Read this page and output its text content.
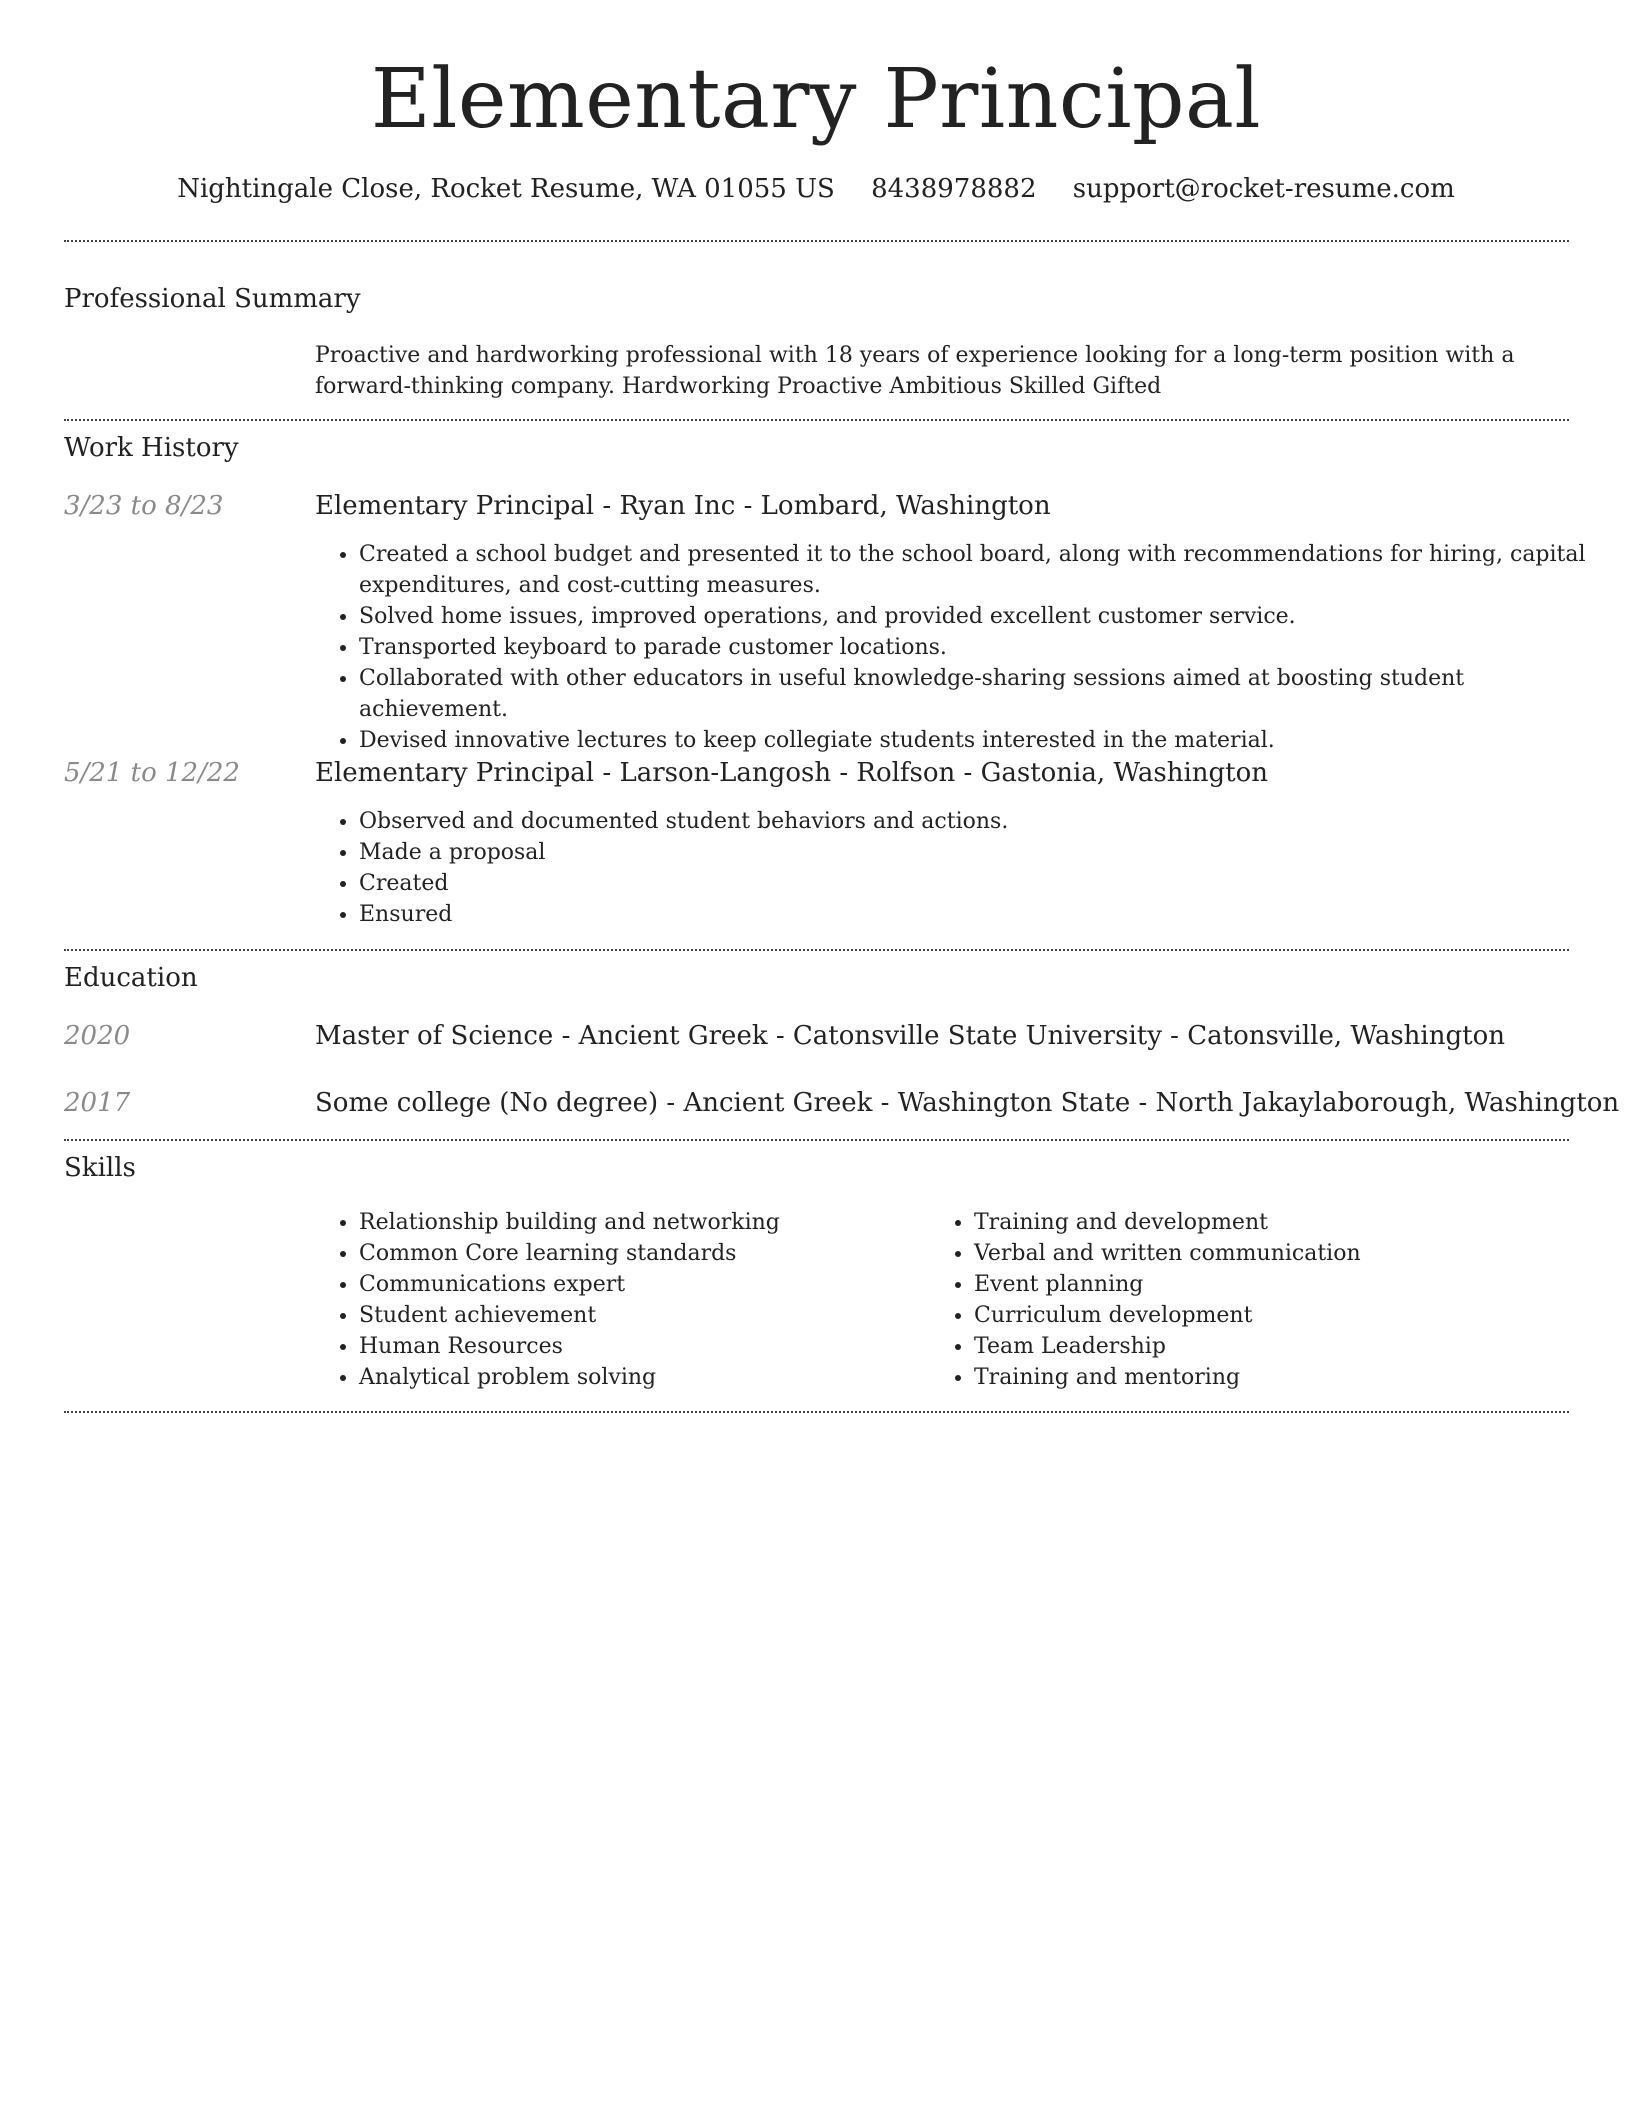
Elementary Principal
Nightingale Close, Rocket Resume, WA 01055 US 8438978882 support@rocket-resume.com
Professional Summary
Proactive and hardworking professional with 18 years of experience looking for a long-term position with a forward-thinking company. Hardworking Proactive Ambitious Skilled Gifted
Work History
3/23 to 8/23	Elementary Principal - Ryan Inc - Lombard, Washington
• Created a school budget and presented it to the school board, along with recommendations for hiring, capital expenditures, and cost-cutting measures.
• Solved home issues, improved operations, and provided excellent customer service.
• Transported keyboard to parade customer locations.
• Collaborated with other educators in useful knowledge-sharing sessions aimed at boosting student achievement.
• Devised innovative lectures to keep collegiate students interested in the material.
5/21 to 12/22	Elementary Principal - Larson-Langosh - Rolfson - Gastonia, Washington
• Observed and documented student behaviors and actions.
• Made a proposal
• Created
• Ensured
Education
2020	Master of Science - Ancient Greek - Catonsville State University - Catonsville, Washington
2017	Some college (No degree) - Ancient Greek - Washington State - North Jakaylaborough, Washington
Skills
• Relationship building and networking
• Common Core learning standards
• Communications expert
• Student achievement
• Human Resources
• Analytical problem solving
• Training and development
• Verbal and written communication
• Event planning
• Curriculum development
• Team Leadership
• Training and mentoring
